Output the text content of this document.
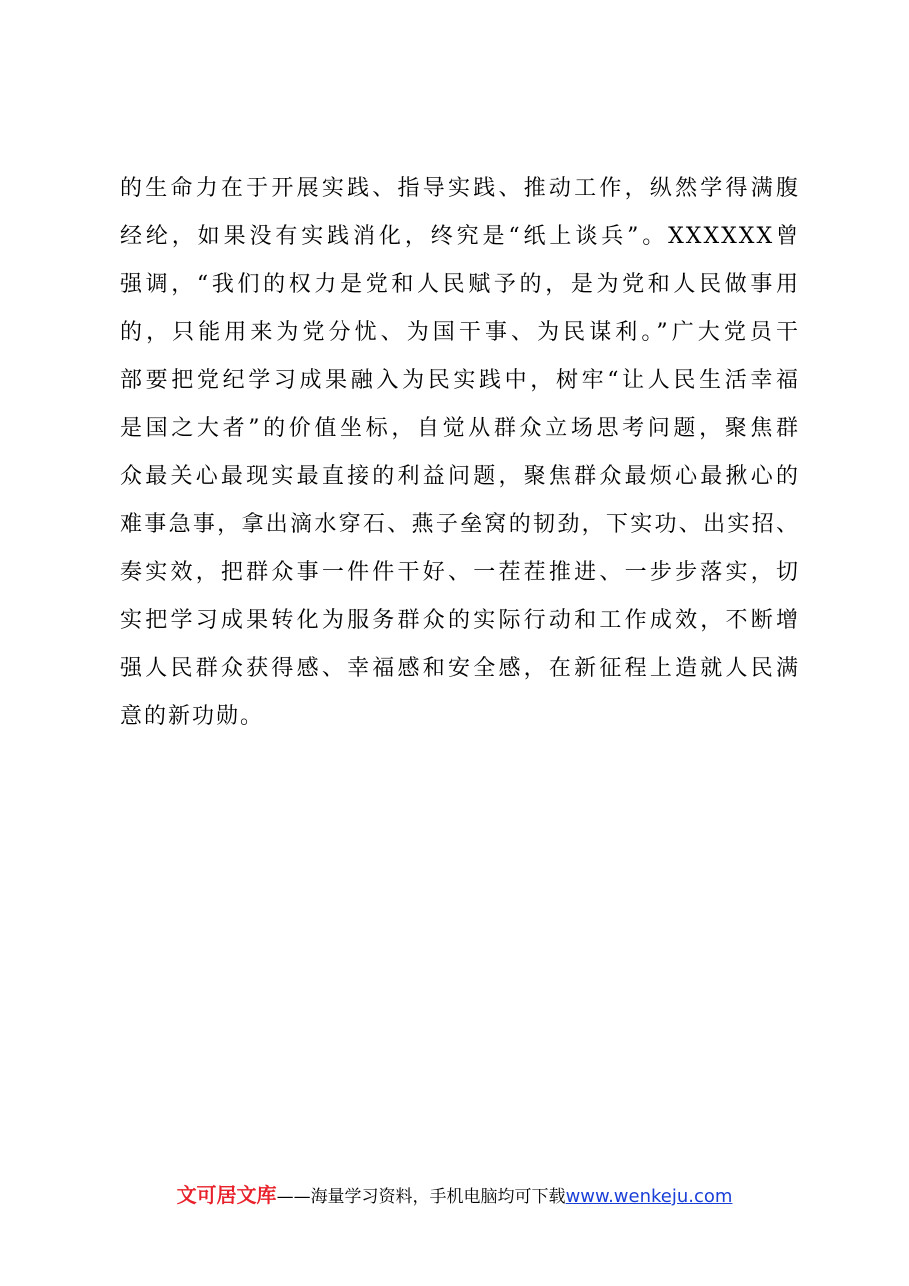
的生命力在于开展实践、指导实践、推动工作，纵然学得满腹
经纶，如果没有实践消化，终究是“纸上谈兵”。XXXXXX曾
强调，“我们的权力是党和人民赋予的，是为党和人民做事用
的，只能用来为党分忧、为国干事、为民谋利。”广大党员干
部要把党纪学习成果融入为民实践中，树牢“让人民生活幸福
是国之大者”的价值坐标，自觉从群众立场思考问题，聚焦群
众最关心最现实最直接的利益问题，聚焦群众最烦心最揪心的
难事急事，拿出滴水穿石、燕子垒窝的韧劲，下实功、出实招、
奏实效，把群众事一件件干好、一茬茬推进、一步步落实，切
实把学习成果转化为服务群众的实际行动和工作成效，不断增
强人民群众获得感、幸福感和安全感，在新征程上造就人民满
意的新功勋。
文可居文库——海量学习资料，手机电脑均可下载www.wenkeju.com
